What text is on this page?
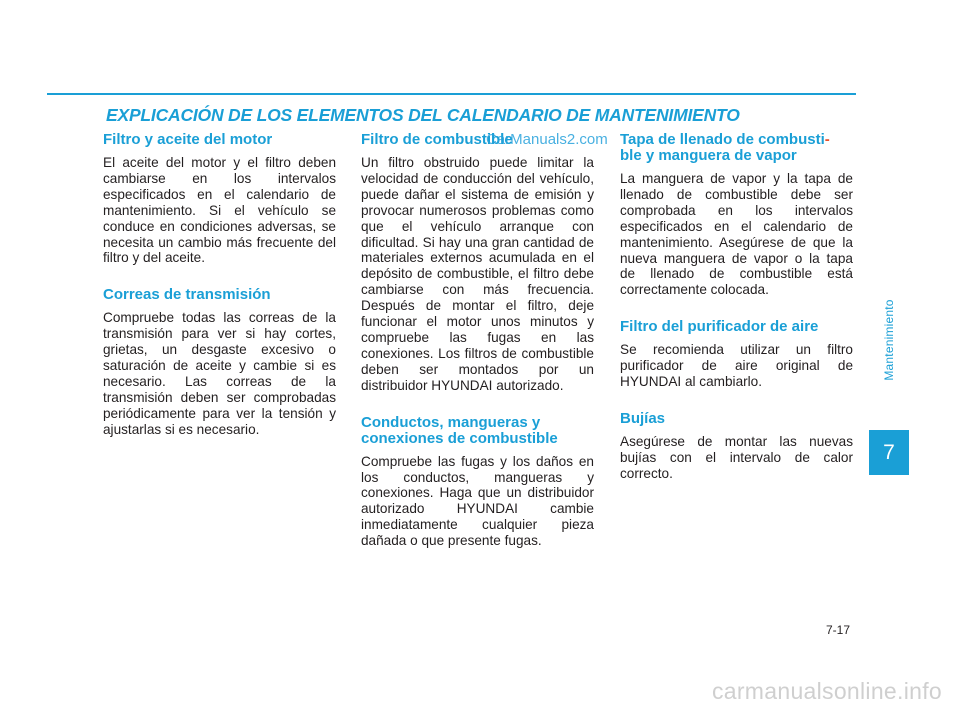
EXPLICACIÓN DE LOS ELEMENTOS DEL CALENDARIO DE MANTENIMIENTO
Filtro y aceite del motor

El aceite del motor y el filtro deben cambiarse en los intervalos especificados en el calendario de mantenimiento. Si el vehículo se conduce en condiciones adversas, se necesita un cambio más frecuente del filtro y del aceite.

Correas de transmisión

Compruebe todas las correas de la transmisión para ver si hay cortes, grietas, un desgaste excesivo o saturación de aceite y cambie si es necesario. Las correas de la transmisión deben ser comprobadas periódicamente para ver la tensión y ajustarlas si es necesario.

Filtro de combustible

Un filtro obstruido puede limitar la velocidad de conducción del vehículo, puede dañar el sistema de emisión y provocar numerosos problemas como que el vehículo arranque con dificultad. Si hay una gran cantidad de materiales externos acumulada en el depósito de combustible, el filtro debe cambiarse con más frecuencia. Después de montar el filtro, deje funcionar el motor unos minutos y compruebe las fugas en las conexiones. Los filtros de combustible deben ser montados por un distribuidor HYUNDAI autorizado.

Conductos, mangueras y conexiones de combustible

Compruebe las fugas y los daños en los conductos, mangueras y conexiones. Haga que un distribuidor autorizado HYUNDAI cambie inmediatamente cualquier pieza dañada o que presente fugas.

Tapa de llenado de combusti-
ble y manguera de vapor

La manguera de vapor y la tapa de llenado de combustible debe ser comprobada en los intervalos especificados en el calendario de mantenimiento. Asegúrese de que la nueva manguera de vapor o la tapa de llenado de combustible está correctamente colocada.

Filtro del purificador de aire

Se recomienda utilizar un filtro purificador de aire original de HYUNDAI al cambiarlo.

Bujías

Asegúrese de montar las nuevas bujías con el intervalo de calor correcto.

CarManuals2.com
Mantenimiento
7
7-17
carmanualsonline.info
